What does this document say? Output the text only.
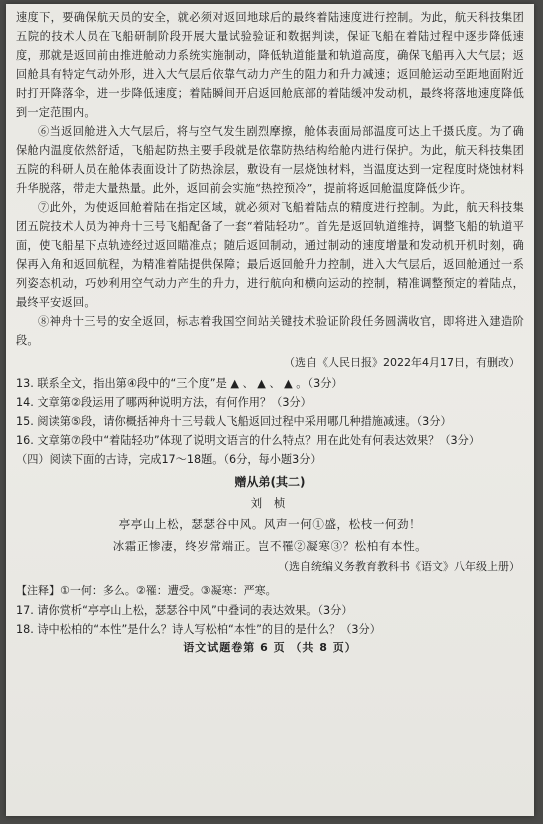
速度下，要确保航天员的安全，就必须对返回地球后的最终着陆速度进行控制。为此，航天科技集团五院的技术人员在飞船研制阶段开展大量试验验证和数据判读，保证飞船在着陆过程中逐步降低速度，那就是返回前由推进舱动力系统实施制动，降低轨道能量和轨道高度，确保飞船再入大气层；返回舱具有特定气动外形，进入大气层后依靠气动力产生的阻力和升力减速；返回舱运动至距地面附近时打开降落伞，进一步降低速度；着陆瞬间开启返回舱底部的着陆缓冲发动机，最终将落地速度降低到一定范围内。

⑥当返回舱进入大气层后，将与空气发生剧烈摩擦，舱体表面局部温度可达上千摄氏度。为了确保舱内温度依然舒适，飞船起防热主要手段就是依靠防热结构给舱内进行保护。为此，航天科技集团五院的科研人员在舱体表面设计了防热涂层，敷设有一层烧蚀材料，当温度达到一定程度时烧蚀材料升华脱落，带走大量热量。此外，返回前会实施“热控预冷”，提前将返回舱温度降低少许。

⑦此外，为使返回舱着陆在指定区域，就必须对飞船着陆点的精度进行控制。为此，航天科技集团五院技术人员为神舟十三号飞船配备了一套“着陆轻功”。首先是返回轨道维持，调整飞船的轨道平面，使飞船星下点轨迹经过返回瞄准点；随后返回制动，通过制动的速度增量和发动机开机时刻，确保再入角和返回航程，为精准着陆提供保障；最后返回舱升力控制，进入大气层后，返回舱通过一系列姿态机动，巧妙利用空气动力产生的升力，进行航向和横向运动的控制，精准调整预定的着陆点，最终平安返回。

⑧神舟十三号的安全返回，标志着我国空间站关键技术验证阶段任务圆满收官，即将进入建造阶段。

（选自《人民日报》2022年4月17日，有删改）

13. 联系全文，指出第④段中的“三个度”是 ▲ 、 ▲ 、 ▲ 。（3分）

14. 文章第②段运用了哪两种说明方法，有何作用？（3分）

15. 阅读第⑤段，请你概括神舟十三号载人飞船返回过程中采用哪几种措施减速。（3分）

16. 文章第⑦段中“着陆轻功”体现了说明文语言的什么特点？用在此处有何表达效果？（3分）

（四）阅读下面的古诗，完成17～18题。（6分，每小题3分）

赠从弟(其二)
刘 桢
亭亭山上松，瑟瑟谷中风。风声一何①盛，松枝一何劲！
冰霜正惨凄，终岁常端正。岂不罹②凝寒③？松柏有本性。
（选自统编义务教育教科书《语文》八年级上册）
【注释】①一何：多么。②罹：遭受。③凝寒：严寒。

17. 请你赏析“亭亭山上松，瑟瑟谷中风”中叠词的表达效果。（3分）

18. 诗中松柏的“本性”是什么？诗人写松柏“本性”的目的是什么？（3分）

语文试题卷第 6 页 （共 8 页）
